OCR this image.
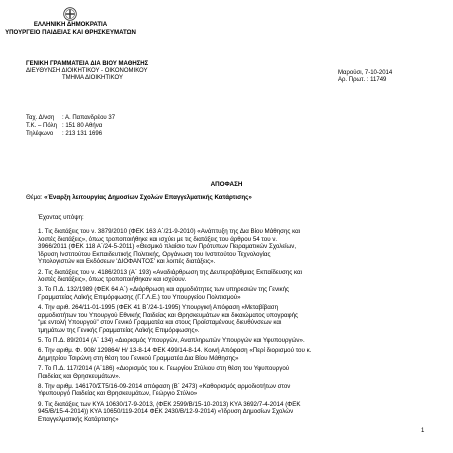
ΕΛΛΗΝΙΚΗ ΔΗΜΟΚΡΑΤΙΑ
ΥΠΟΥΡΓΕΙΟ ΠΑΙΔΕΙΑΣ ΚΑΙ ΘΡΗΣΚΕΥΜΑΤΩΝ
ΓΕΝΙΚΗ ΓΡΑΜΜΑΤΕΙΑ ΔΙΑ ΒΙΟΥ ΜΑΘΗΣΗΣ
ΔΙΕΥΘΥΝΣΗ ΔΙΟΙΚΗΤΙΚΟΥ - ΟΙΚΟΝΟΜΙΚΟΥ
ΤΜΗΜΑ ΔΙΟΙΚΗΤΙΚΟΥ
Μαρούσι, 7-10-2014
Αρ. Πρωτ. : 11749
Ταχ. Δ/νση	: Α. Παπανδρέου 37
Τ.Κ. – Πόλη : 151 80 Αθήνα
Τηλέφωνο	: 213 131 1696
ΑΠΟΦΑΣΗ
Θέμα: «Έναρξη λειτουργίας Δημοσίων Σχολών Επαγγελματικής Κατάρτισης»
Έχοντας υπόψη:
1. Τις διατάξεις του ν. 3879/2010 (ΦΕΚ 163 Α΄/21-9-2010) «Ανάπτυξη της Δια Βίου Μάθησης και
λοιπές διατάξεις», όπως τροποποιήθηκε και ισχύει με τις διατάξεις του άρθρου 54 του ν.
3966/2011 (ΦΕΚ 118 Α΄/24-5-2011) «Θεσμικό πλαίσιο των Πρότυπων Πειραματικών Σχολείων,
Ίδρυση Ινστιτούτου Εκπαιδευτικής Πολιτικής, Οργάνωση του Ινστιτούτου Τεχνολογίας
Υπολογιστών και Εκδόσεων 'ΔΙΟΦΑΝΤΟΣ' και λοιπές διατάξεις».
2. Τις διατάξεις του ν. 4186/2013 (Α΄ 193) «Αναδιάρθρωση της Δευτεροβάθμιας Εκπαίδευσης και
λοιπές διατάξεις», όπως τροποποιήθηκαν και ισχύουν.
3. Το Π.Δ. 132/1989 (ΦΕΚ 64 Α΄) «Διάρθρωση και αρμοδιότητες των υπηρεσιών της Γενικής
Γραμματείας Λαϊκής Επιμόρφωσης (Γ.Γ.Λ.Ε.) του Υπουργείου Πολιτισμού»
4. Την αριθ. 264/11-01-1995 (ΦΕΚ 41 Β΄/24-1-1995) Υπουργική Απόφαση «Μεταβίβαση
αρμοδιοτήτων του Υπουργού Εθνικής Παιδείας και Θρησκευμάτων και δικαιώματος υπογραφής
"με εντολή Υπουργού" στον Γενικό Γραμματέα και στους Προϊσταμένους διευθύνσεων και
τμημάτων της Γενικής Γραμματείας Λαϊκής Επιμόρφωσης».
5. Το Π.Δ. 89/2014 (Α΄ 134) «Διορισμός Υπουργών, Αναπληρωτών Υπουργών και Υφυπουργών».
6. Την αριθμ. Φ. 908/ 129864/ Η/ 13-8-14 ΦΕΚ 499/14-8-14. Κοινή Απόφαση «Περί διορισμού του κ.
Δημητρίου Τσιρώνη στη θέση του Γενικού Γραμματέα Δια Βίου Μάθησης»
7. Το Π.Δ. 117/2014 (Α΄186) «Διορισμός του κ. Γεωργίου Στύλιου στη θέση του Υφυπουργού
Παιδείας και Θρησκευμάτων».
8. Την αριθμ. 146170/ΣΤ5/16-09-2014 απόφαση (Β΄ 2473) «Καθορισμός αρμοδιοτήτων στον
Υφυπουργό Παιδείας και Θρησκευμάτων, Γεώργιο Στύλιο»
9. Τις διατάξεις των ΚΥΑ 10630/17-9-2013, (ΦΕΚ 2599/Β/15-10-2013) ΚΥΑ 3692/7-4-2014 (ΦΕΚ
945/Β/15-4-2014)) ΚΥΑ 10650/119-2014 ΦΕΚ 2430/Β/12-9-2014) «Ίδρυση Δημοσίων Σχολών
Επαγγελματικής Κατάρτισης»
1
